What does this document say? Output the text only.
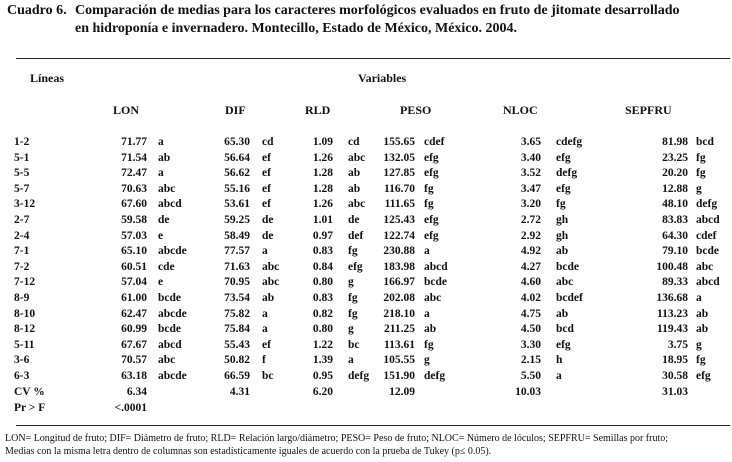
Cuadro 6. Comparación de medias para los caracteres morfológicos evaluados en fruto de jitomate desarrollado
en hidroponía e invernadero. Montecillo, Estado de México, México. 2004.
Líneas	Variables
LON	DIF	RLD	PESO	NLOC	SEPFRU
1-2	71.77 a	65.30 cd	1.09 cd	155.65 cdef	3.65 cdefg	81.98 bcd
5-1	71.54 ab	56.64 ef	1.26 abc	132.05 efg	3.40 efg	23.25 fg
5-5	72.47 a	56.62 ef	1.28 ab	127.85 efg	3.52 defg	20.20 fg
5-7	70.63 abc	55.16 ef	1.28 ab	116.70 fg	3.47 efg	12.88 g
3-12	67.60 abcd	53.61 ef	1.26 abc	111.65 fg	3.20 fg	48.10 defg
2-7	59.58 de	59.25 de	1.01 de	125.43 efg	2.72 gh	83.83 abcd
2-4	57.03 e	58.49 de	0.97 def	122.74 efg	2.92 gh	64.30 cdef
7-1	65.10 abcde	77.57 a	0.83 fg	230.88 a	4.92 ab	79.10 bcde
7-2	60.51 cde	71.63 abc	0.84 efg	183.98 abcd	4.27 bcde	100.48 abc
7-12	57.04 e	70.95 abc	0.80 g	166.97 bcde	4.60 abc	89.33 abcd
8-9	61.00 bcde	73.54 ab	0.83 fg	202.08 abc	4.02 bcdef	136.68 a
8-10	62.47 abcde	75.82 a	0.82 fg	218.10 a	4.75 ab	113.23 ab
8-12	60.99 bcde	75.84 a	0.80 g	211.25 ab	4.50 bcd	119.43 ab
5-11	67.67 abcd	55.43 ef	1.22 bc	113.61 fg	3.30 efg	3.75 g
3-6	70.57 abc	50.82 f	1.39 a	105.55 g	2.15 h	18.95 fg
6-3	63.18 abcde	66.59 bc	0.95 defg	151.90 defg	5.50 a	30.58 efg
CV %	6.34	4.31	6.20	12.09	10.03	31.03
Pr > F	<.0001
LON= Longitud de fruto; DIF= Diámetro de fruto; RLD= Relación largo/diámetro; PESO= Peso de fruto; NLOC= Número de lóculos; SEPFRU= Semillas por fruto;
Medias con la misma letra dentro de columnas son estadísticamente iguales de acuerdo con la prueba de Tukey (p≤ 0.05).
